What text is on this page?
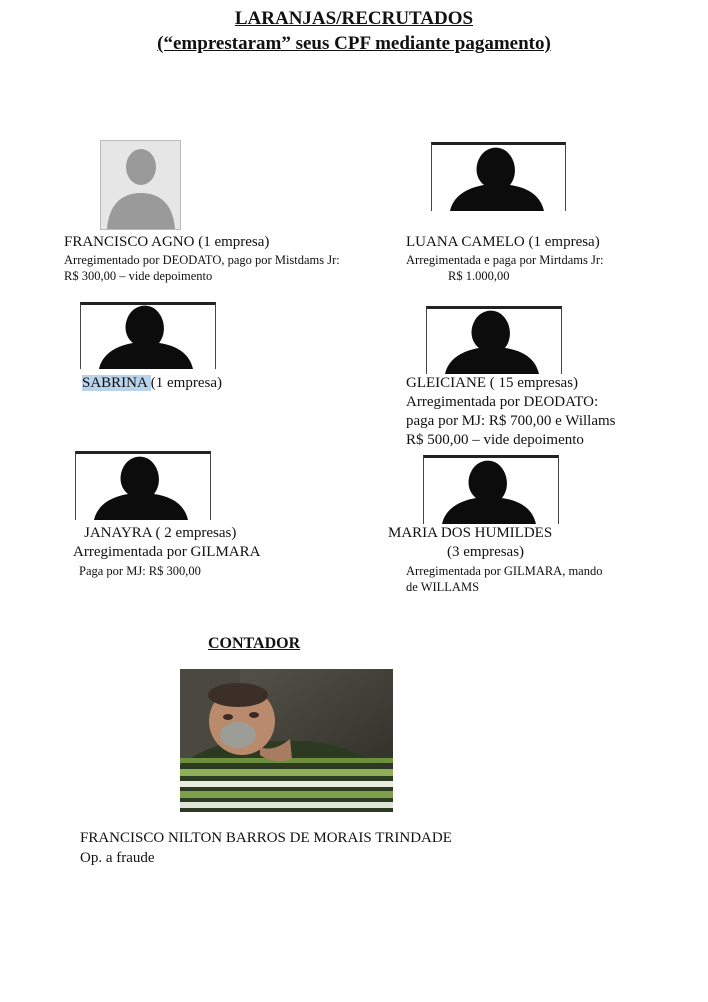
LARANJAS/RECRUTADOS
(“emprestaram” seus CPF mediante pagamento)
FRANCISCO AGNO (1 empresa)
Arregimentado por DEODATO, pago por Mistdams Jr:
R$ 300,00 – vide depoimento
LUANA CAMELO (1 empresa)
Arregimentada e paga por Mirtdams Jr:
R$ 1.000,00
SABRINA (1 empresa)	GLEICIANE ( 15 empresas)
Arregimentada por DEODATO:
paga por MJ: R$ 700,00 e Willams
R$ 500,00 – vide depoimento
JANAYRA ( 2 empresas)
Arregimentada por GILMARA
Paga por MJ: R$ 300,00
MARIA DOS HUMILDES
(3 empresas)
Arregimentada por GILMARA, mando
de WILLAMS
CONTADOR
FRANCISCO NILTON BARROS DE MORAIS TRINDADE
Op. a fraude
